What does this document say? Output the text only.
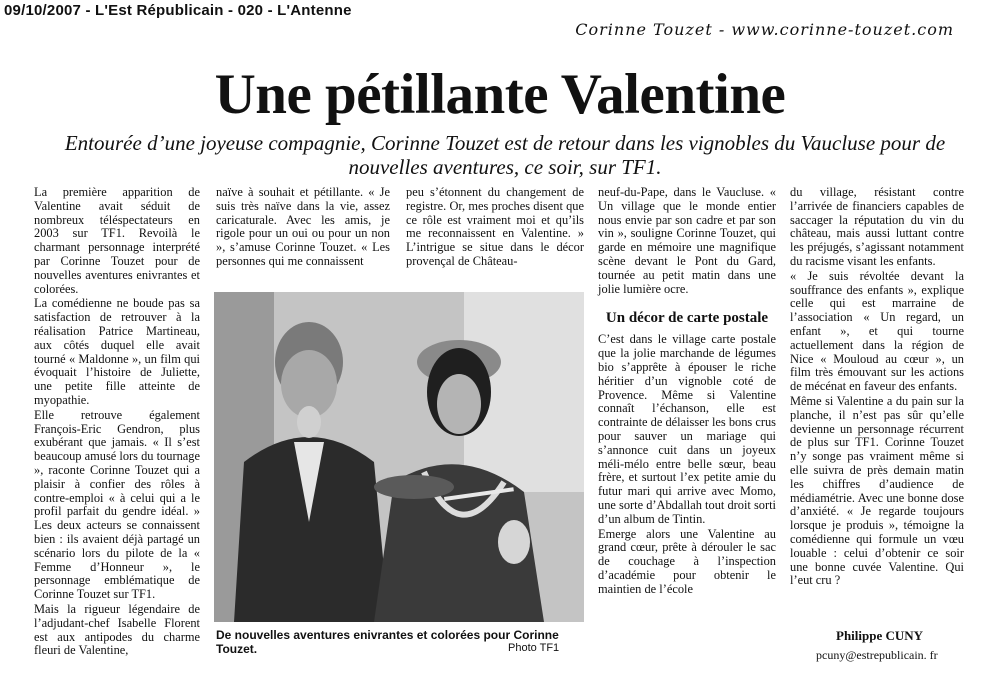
09/10/2007 - L'Est Républicain - 020 - L'Antenne
Corinne Touzet - www.corinne-touzet.com
Une pétillante Valentine
Entourée d’une joyeuse compagnie, Corinne Touzet est de retour dans les vignobles du Vaucluse pour de nouvelles aventures, ce soir, sur TF1.

La première apparition de Valentine avait séduit de nombreux téléspectateurs en 2003 sur TF1. Revoilà le charmant personnage interprété par Corinne Touzet pour de nouvelles aventures enivrantes et colorées.

La comédienne ne boude pas sa satisfaction de retrouver à la réalisation Patrice Martineau, aux côtés duquel elle avait tourné « Maldonne », un film qui évoquait l’histoire de Juliette, une petite fille atteinte de myopathie.

Elle retrouve également François-Eric Gendron, plus exubérant que jamais. « Il s’est beaucoup amusé lors du tournage », raconte Corinne Touzet qui a plaisir à confier des rôles à contre-emploi « à celui qui a le profil parfait du gendre idéal. » Les deux acteurs se connaissent bien : ils avaient déjà partagé un scénario lors du pilote de la « Femme d’Honneur », le personnage emblématique de Corinne Touzet sur TF1.

Mais la rigueur légendaire de l’adjudant-chef Isabelle Florent est aux antipodes du charme fleuri de Valentine,

naïve à souhait et pétillante. « Je suis très naïve dans la vie, assez caricaturale. Avec les amis, je rigole pour un oui ou pour un non », s’amuse Corinne Touzet. « Les personnes qui me connaissent

peu s’étonnent du changement de registre. Or, mes proches disent que ce rôle est vraiment moi et qu’ils me reconnaissent en Valentine. » L’intrigue se situe dans le décor provençal de Château-

De nouvelles aventures enivrantes et colorées pour Corinne Touzet.	Photo TF1

neuf-du-Pape, dans le Vaucluse. « Un village que le monde entier nous envie par son cadre et par son vin », souligne Corinne Touzet, qui garde en mémoire une magnifique scène devant le Pont du Gard, tournée au petit matin dans une jolie lumière ocre.

Un décor de carte postale

C’est dans le village carte postale que la jolie marchande de légumes bio s’apprête à épouser le riche héritier d’un vignoble coté de Provence. Même si Valentine connaît l’échanson, elle est contrainte de délaisser les bons crus pour sauver un mariage qui s’annonce cuit dans un joyeux méli-mélo entre belle sœur, beau frère, et surtout l’ex petite amie du futur mari qui arrive avec Momo, une sorte d’Abdallah tout droit sorti d’un album de Tintin.

Emerge alors une Valentine au grand cœur, prête à dérouler le sac de couchage à l’inspection d’académie pour obtenir le maintien de l’école

du village, résistant contre l’arrivée de financiers capables de saccager la réputation du vin du château, mais aussi luttant contre les préjugés, s’agissant notamment du racisme visant les enfants.

« Je suis révoltée devant la souffrance des enfants », explique celle qui est marraine de l’association « Un regard, un enfant », et qui tourne actuellement dans la région de Nice « Mouloud au cœur », un film très émouvant sur les actions de mécénat en faveur des enfants.

Même si Valentine a du pain sur la planche, il n’est pas sûr qu’elle devienne un personnage récurrent de plus sur TF1. Corinne Touzet n’y songe pas vraiment même si elle suivra de près demain matin les chiffres d’audience de médiamétrie. Avec une bonne dose d’anxiété. « Je regarde toujours lorsque je produis », témoigne la comédienne qui formule un vœu louable : celui d’obtenir ce soir une bonne cuvée Valentine. Qui l’eut cru ?

Philippe CUNY
pcuny@estrepublicain. fr
